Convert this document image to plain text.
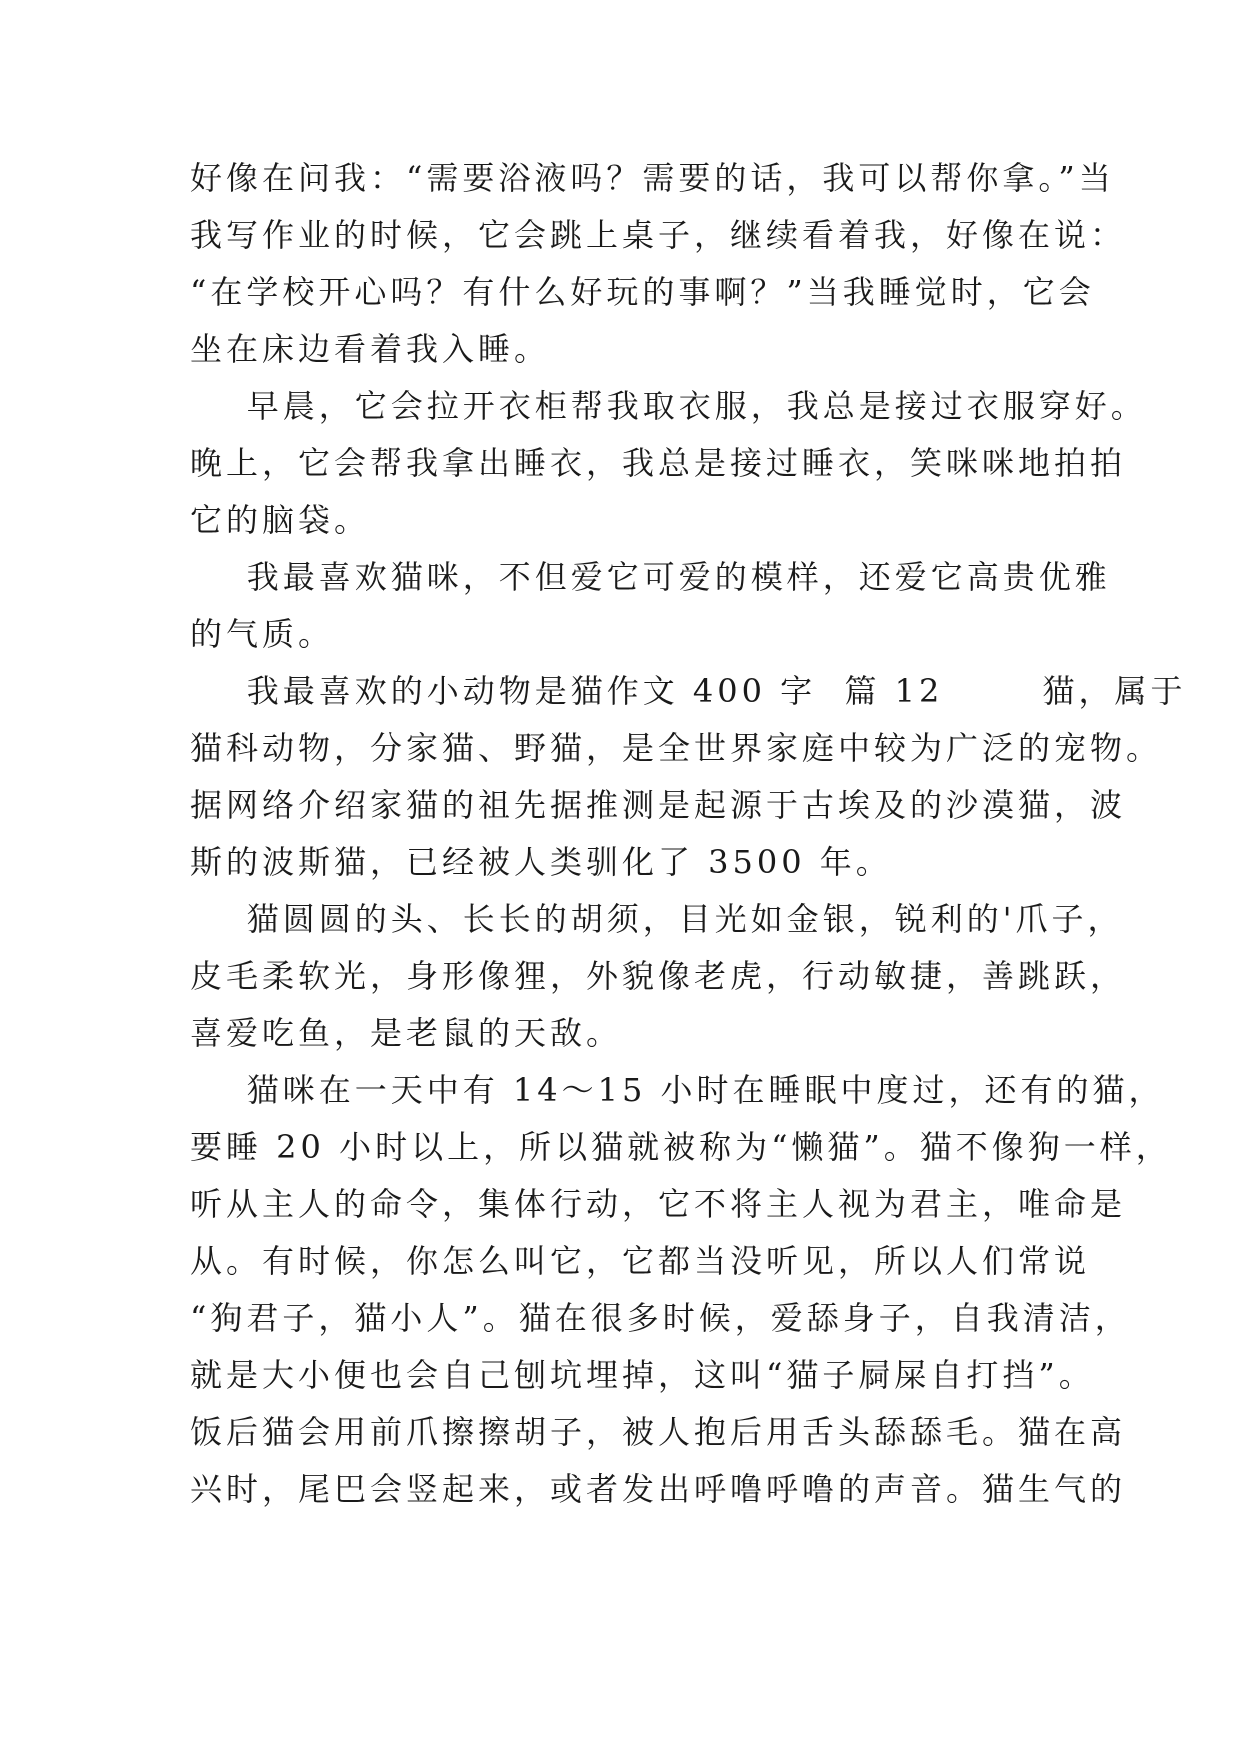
好像在问我：“需要浴液吗？需要的话，我可以帮你拿。”当
我写作业的时候，它会跳上桌子，继续看着我，好像在说：
“在学校开心吗？有什么好玩的事啊？”当我睡觉时，它会
坐在床边看着我入睡。
早晨，它会拉开衣柜帮我取衣服，我总是接过衣服穿好。
晚上，它会帮我拿出睡衣，我总是接过睡衣，笑咪咪地拍拍
它的脑袋。
我最喜欢猫咪，不但爱它可爱的模样，还爱它高贵优雅
的气质。
我最喜欢的小动物是猫作文 400 字  篇 12       猫，属于
猫科动物，分家猫、野猫，是全世界家庭中较为广泛的宠物。
据网络介绍家猫的祖先据推测是起源于古埃及的沙漠猫，波
斯的波斯猫，已经被人类驯化了 3500 年。
猫圆圆的头、长长的胡须，目光如金银，锐利的'爪子，
皮毛柔软光，身形像狸，外貌像老虎，行动敏捷，善跳跃，
喜爱吃鱼，是老鼠的天敌。
猫咪在一天中有 14～15 小时在睡眠中度过，还有的猫，
要睡 20 小时以上，所以猫就被称为“懒猫”。猫不像狗一样，
听从主人的命令，集体行动，它不将主人视为君主，唯命是
从。有时候，你怎么叫它，它都当没听见，所以人们常说
“狗君子，猫小人”。猫在很多时候，爱舔身子，自我清洁，
就是大小便也会自己刨坑埋掉，这叫“猫子屙屎自打挡”。
饭后猫会用前爪擦擦胡子，被人抱后用舌头舔舔毛。猫在高
兴时，尾巴会竖起来，或者发出呼噜呼噜的声音。猫生气的
